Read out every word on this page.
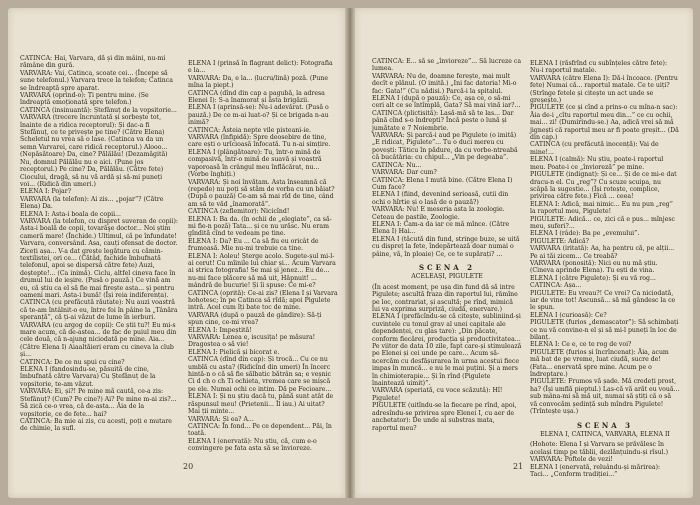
CATINCA: Hai, Varvara, dă și din mâini, nu-mi rămâne din gură.

VARVARA: Vai, Catinca, scoate cei... (Începe să sune telefonul.) Varvara trece la telefon; Catinca se îndreaptă spre aparat.

VARVARA (oprind-o): Ți pentru mine. (Se îndreaptă emoționată spre telefon.)

CATINCA (insinuantă): Ștefănuț de la vopsitorie...

VARVARA (trecere încruntată și sorbește tot, înainte de a ridica receptorul): Și dac-a fi Ștefănuț, ce te privește pe tine? (Către Elena) Scheletul nu vrea să o lase. (Catinca va da un semn Varvarei, care ridică receptorul.) Alooo... (Nepăsătoare) Da, cine? Pălălău! (Dezamăgită) Nu, domnul Pălălău nu e aici. (Pune jos receptorul.) Pe cine? Da, Pălălău. (Către fete) Ciocului, dragă, să nu vă ardă și să-mi puneți voi... (Ridică din umeri.)

ELENA I: Pojar?

VARVARA (la telefon): Ai zis... „pojar”? (Către Elena) Da.

ELENA I: Asta-i boala de copii...

VARVARA (la telefon, cu dispret suveran de copii): Asta-i boală de copii, tovarăşe doctor... Noi știm cameră mare! (Închide.) Ultimul, că pe înfundate! Varvara, conversând. Asa, cauți ofensat de doctor. Ziceți așa... V-a dat grește legătura cu cămin-textilistei, ori ce... (Cătâd, fachide îmbufnată telefonul, apoi se dispersă către fete) Auzi, deștepte!... (Ca inimă). Ciclu, altfel cineva face în drumul lui de ieșire. (Pusă o pauză.) Ce vină am eu, că știu ca el să fie mai firește asta... și pentru oameni mari. Asta-i bună! (Își reia indiferența).

CATINCA (cu prefăcută răutate): Nu auzi voastră că te-am întâlnit-o eu, între foi în pâine la „Tânăra speranță”, că ți-ai văzut de lume în ierburi.

VARVARA (cu argog de copii): Ce știi tu?! Eu mi-s mare acum, că de-astea... de fac de puiul meu din cele două, că n-ajung niciodată pe mine. Aia... (Către Elena I) Aiaaltăieri eram cu cineva la club și...

CATINCA: De ce nu spui cu cine?

ELENA I (fandosindu-se, păsuită de cine, îmbufnată către Varvara) Cu Ștefănuț de la vopsitorie, te-am văzut.

VARVARA: Ei, și?! Pe mine mă caută, ce-a zis: Ștefănuț? (Cum? Pe cine?) Ai? Pe mine m-ai zis?... Să zică ce-o vrea, că de-asta... Ăia de la vopsitorie, ce de fete... hai?

CATINCA: Ba mie ai zis, cu acesti, poți e mutare de chimie, la sufl.

ELENA I (prinsă în flagrant delict): Fotografia e la...

VARVARA: Da, e la... (lucru/lină) poză. (Pune mîna la piept.)

CATINCA (dînd din cap a pagubă, la adresa Elenei I): S-a înamorat și ăsta brigăzii.

ELENA I (aprinsă-se): Nu-i adevărat. (Pusă o pauză.) De ce m-ai luat-o? Și ce brigada n-au inimă?

CATINCA: Ăsteia nepte vile pisteani-ie.

VARVARA (înfipidă): Spre deosebire de tine, care ești o urîcioasă înfocată. Tu n-ai simțire.

ELENA I (plângătoare): Tu, într-o mină de compasivă, într-o mină de suavă și voastră vaporoasă în crângul meu înflăcărat, nu... (Vorbe înghiți.)

VARVARA: Și noi învățam. Asta înseamnă că (repede) nu poți să stăm de vorba cu un băiat? (După o pauză) Ce-am să mai rîd de tine, când am să te văd „înamorată”.

CATINCA (zeflemitor): Nicicînd!

ELENA I: Ba da. (în ochii de „elegiate”, ca să-mi fie-n poză) Tata... și ce nu urăsc. Nu eram gîndită cînd te vedeam pe tine.

ELENA I: Da? Eu ... Ca să fiu eu oricât de frumoasă. Mie nu-mi trebuie ca tine.

ELENA I: Aoleu! Șterge acolo. Sugete-șul mi-l-ai cerut! Cu mîinile lui chiar și... Acum Varvara ai strica fotografia! Se mai și jenez... Eu de... nu-mi face plăcere să mă uit, Hăpnuit! ... mândră de bucurie! Și îi spuse: Ce mi-e?

CATINCA (oprită): Ce-ai zis? (Elena I și Varvara hohotesc; în pe Catinca să rîdă; apoi Pigulete intră. Acel cum îți bate toc de mine.

VARVARA (după o pauză de gândire): Să-ți spun cine, ce-mi vrea?

ELENA I: Impeștită!

VARVARA: Lenea e, iscusița! pe măsura! Dragostea o să vie!

ELENA I: Pielică și bicorat e.

CATINCA (dînd din cap): Și trocă... Cu ce nu umblă cu asta? (Ridicînd din umeri) În încerc hintă-n o că să fie sălbatic bătrân sa; e veșnic Ci d ch o ch Ti ochieta, vremea care se mișcă pe ele. Numai ochi ce intim. Dă pe Fecioare...

ELENA I: Și nu știu dacă tu, până sunt atât de răspunsul meu! (Prietenii... Îl iau.) Ai uitat? Mai ții minte...

VARVARA: Și ea? A...

CATINCA: În fond... Pe ce dependent... Păi, în toată.

ELENA I (enervată): Nu știu, că, cum e-o convingere pe fata asta să se învioreze.

CATINCA: E... să se „învioreze”... Să lucreze ca lumea.

VARVARA: Nu de, doamne ferește, mai mult decît e plănul. (O imită.) „Ini fac datoria! Mi-o fac: Gata!” (Cu nădisi.) Parcă-i la spitalul.

ELENA I (după o pauză): Ce, așa ce, o să-mi ceri alt ce se întîmplă, Gata? Să mai vină iar?...

CATINCA (plictisită): Lasă-mă să te las... Dar până cînd s-o îndrepti? Încă peste o lună și jumătate e 7 Noiembrie.

VARVARA: Și parcă-i aud pe Pigulete (o imită) „E ridicat, Pigulete”... Tu o duci mereu cu povești: Tăticu în pădure, da cu vorbe-ntreabă că bucătăria: cu chipul... „Vin pe degeaba”.

CATINCA: Nu...

VARVARA: Dar cum?

CATINCA: Elena I mută bine. (Către Elena I) Cum face?

ELENA I (fiind, devenind serioasă, cutii din ochi o hîrtie și o lasă de o pauză?)

VARVARA: Nu! E meseria asta la zoologie. Ceteau de pastile, Zoologie.

ELENA I: Cam-a da iar ce mă mînce. (Către Elena I) Hai...

ELENA I (tăcută din fund, stringe buze, se uită cu dispreț la fete, îndepărtează doar numai o pâine, vă, în ploaie) Ce, ce te supărați? ...

SCENA 2

ACELEAȘI, PIGULETE

(În acest moment, pe ușa din fund dă să intre Pigulete; ascultă fraza din raportul lui, rămîne pe loc, contrariat, și ascultă; pe rînd, mimică lui va exprima surpriză, ciudă, enervare.)

ELENA I (prefăcîndu-se că citește, subliniind-și cuvintele cu tonul grav al unei capitale ale dependenței, cu glas tare): „Din păcate, conform fiecărei, producția și productivitatea... Pe viitor de data 10 zile, fapt care-și stimulează pe Elenei și cei unde pe care... Acum să-ncercăm cu desfășurarea în urma acestui fiece impas în muncă... e nu le mai puțini. Și a mers în chimioterapie... Și în rînd (Pigulete înaintează uimit)”.

VARVARA (speriată, cu voce scăzută): Hî! Pigulete!

PIGULETE (uitîndu-se la fiecare pe rînd, apoi, adresîndu-se privirea spre Elenei I, cu aer de anchetator): De unde ai substras mata, raportul meu?

ELENA I (răsfrînd cu subînțeles către fete): Nu-i raportul matale.

VARVARA (către Elena I): Dă-i încoace. (Pentru fete) Numai că... raportul matale. Ce te uiți? (Strînge fetele și citește un act unde se greșește.)

PIGULETE (ce și cînd a prins-o cu mîna-n sac): Ăia de-i „cîtu raportul meu din...” ce cu ochii, mai... zi! (Dumirindu-se.) Aa, adică vrei să mă jignești că raportul meu ar fi poate greșit... (Dă din cap.)

CATINCA (cu prefăcută inocență): Vai de mine!...

ELENA I (calmă): Nu știu, poate-i raportul meu. Poate-i ce „învioreză” pe mine.

PIGULETE (indignat): Și ce... Și de ce mi-e dat dracu-n el. Cu „reg”? Cu scuze scuipa, nu scăpă la sugestie... (Își rotește, complice, privirea către fete.) Fică ... ceea!

ELENA I: Adică, mai nimic... Eu nu pun „reg” la raportul meu, Pigulete!

PIGULETE: Adică... ce, zici că e pus... mînjesc meu, suferi?...

ELENA I (râde): Ba pe „evemului”.

PIGULETE: Adică?

VARVARA (iritată): Aa, ha pentru că, pe alții... Pe ai tăi zicem... Ce treabă?

VARVARA (ponosită): Nici eu nu mă știu. (Cineva aprinde Elena). Tu ești de vina.

ELENA I (către Pigulete): Și eu vă rog...

CATINCA: Așa...

PIGULETE: Eu vreau?! Ce vrei? Ca niciodată, iar de vine tot! Ascunsă... să mă gândesc la ce le spun.

ELENA I (curioasă): Ce?

PIGULETE (furios „demascator”): Să schimbați ce nu vă convine-n el și să mi-l puneți în loc de bilanț.

ELENA I: Ce e, ce te rog de voi?

PIGULETE (furios și încrîncenat): Ăia, acum mă bat de pe vreme, luat ciudă, sucre de! (Fata... enervată spre mine. Acum pe o îndreptare.)

PIGULETE: Frumos vă șade. Mă credeți prost, ha? (Își umflă pieptul.) Las-că vă arăt eu vouă... sub mâna-mi să mă uit, numai să știți că o să vă convocăm ședință sub mîndra Pigulete! (Trîntește ușa.)

SCENA 3

ELENA I, CATINCA, VARVARA, ELENA II

(Hohote: Elena I și Varvara se prăvălesc în același timp pe tăblii, dezlănțuindu-și rîsul.)

VARVARA: Poftele de vezi!

ELENA I (enervată, reluându-și mărirea): Taci... „Conform tradiției...”

20	21
